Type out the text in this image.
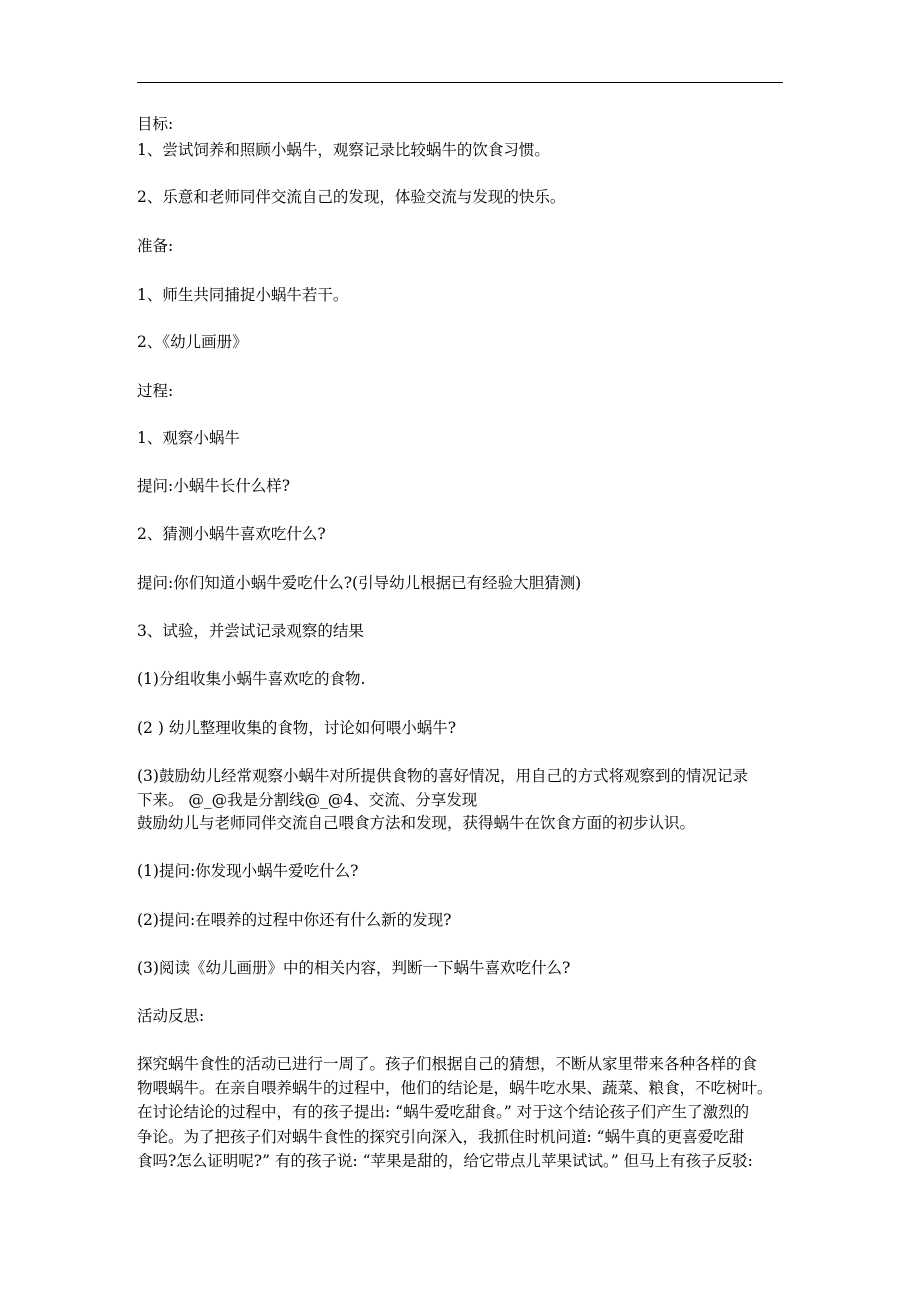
目标:
1、尝试饲养和照顾小蜗牛，观察记录比较蜗牛的饮食习惯。
2、乐意和老师同伴交流自己的发现，体验交流与发现的快乐。
准备:
1、师生共同捕捉小蜗牛若干。
2、《幼儿画册》
过程:
1、观察小蜗牛
提问:小蜗牛长什么样?
2、猜测小蜗牛喜欢吃什么?
提问:你们知道小蜗牛爱吃什么?(引导幼儿根据已有经验大胆猜测)
3、试验，并尝试记录观察的结果
(1)分组收集小蜗牛喜欢吃的食物.
(2 ) 幼儿整理收集的食物，讨论如何喂小蜗牛?
(3)鼓励幼儿经常观察小蜗牛对所提供食物的喜好情况，用自己的方式将观察到的情况记录
下来。 @_@我是分割线@_@4、交流、分享发现
鼓励幼儿与老师同伴交流自己喂食方法和发现，获得蜗牛在饮食方面的初步认识。
(1)提问:你发现小蜗牛爱吃什么?
(2)提问:在喂养的过程中你还有什么新的发现?
(3)阅读《幼儿画册》中的相关内容，判断一下蜗牛喜欢吃什么?
活动反思:
探究蜗牛食性的活动已进行一周了。孩子们根据自己的猜想，不断从家里带来各种各样的食
物喂蜗牛。在亲自喂养蜗牛的过程中，他们的结论是，蜗牛吃水果、蔬菜、粮食，不吃树叶。
在讨论结论的过程中，有的孩子提出: “蜗牛爱吃甜食。” 对于这个结论孩子们产生了激烈的
争论。为了把孩子们对蜗牛食性的探究引向深入，我抓住时机问道: “蜗牛真的更喜爱吃甜
食吗?怎么证明呢?” 有的孩子说: “苹果是甜的，给它带点儿苹果试试。” 但马上有孩子反驳:
